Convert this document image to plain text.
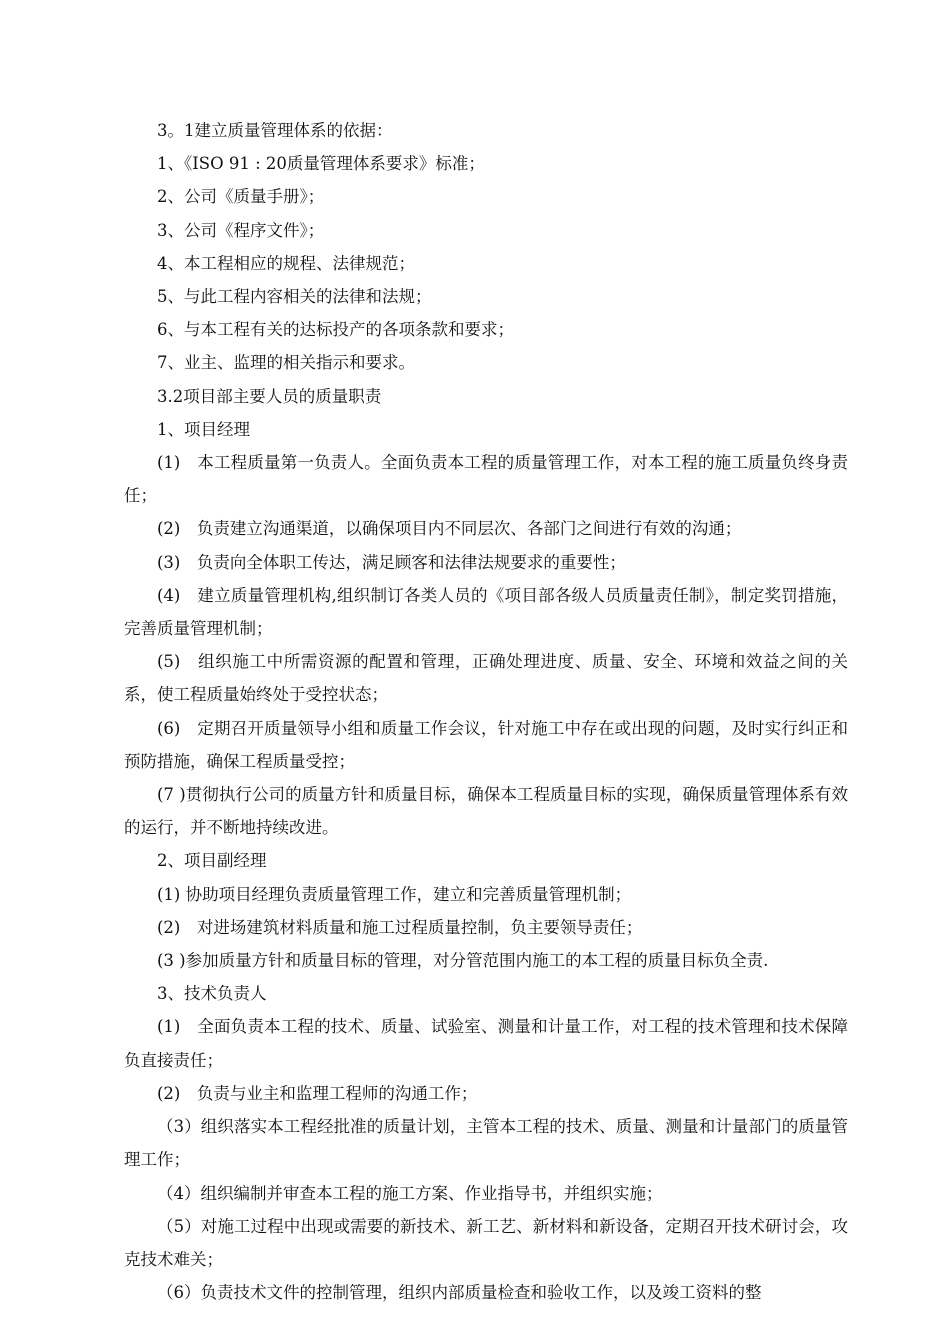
3。1建立质量管理体系的依据：

1、《ISO 91 : 20质量管理体系要求》标准；

2、公司《质量手册》；

3、公司《程序文件》；

4、本工程相应的规程、法律规范；

5、与此工程内容相关的法律和法规；

6、与本工程有关的达标投产的各项条款和要求；

7、业主、监理的相关指示和要求。

3.2项目部主要人员的质量职责

1、项目经理

(1)　本工程质量第一负责人。全面负责本工程的质量管理工作，对本工程的施工质量负终身责任；

(2)　负责建立沟通渠道，以确保项目内不同层次、各部门之间进行有效的沟通；

(3)　负责向全体职工传达，满足顾客和法律法规要求的重要性；

(4)　建立质量管理机构,组织制订各类人员的《项目部各级人员质量责任制》，制定奖罚措施，完善质量管理机制；

(5)　组织施工中所需资源的配置和管理，正确处理进度、质量、安全、环境和效益之间的关系，使工程质量始终处于受控状态；

(6)　定期召开质量领导小组和质量工作会议，针对施工中存在或出现的问题，及时实行纠正和预防措施，确保工程质量受控；

(7 )贯彻执行公司的质量方针和质量目标，确保本工程质量目标的实现，确保质量管理体系有效的运行，并不断地持续改进。

2、项目副经理

(1) 协助项目经理负责质量管理工作，建立和完善质量管理机制；

(2)　对进场建筑材料质量和施工过程质量控制，负主要领导责任；

(3 )参加质量方针和质量目标的管理，对分管范围内施工的本工程的质量目标负全责.

3、技术负责人

(1)　全面负责本工程的技术、质量、试验室、测量和计量工作，对工程的技术管理和技术保障负直接责任；

(2)　负责与业主和监理工程师的沟通工作；

（3）组织落实本工程经批准的质量计划，主管本工程的技术、质量、测量和计量部门的质量管理工作；

（4）组织编制并审查本工程的施工方案、作业指导书，并组织实施；

（5）对施工过程中出现或需要的新技术、新工艺、新材料和新设备，定期召开技术研讨会，攻克技术难关；

（6）负责技术文件的控制管理，组织内部质量检查和验收工作，以及竣工资料的整
